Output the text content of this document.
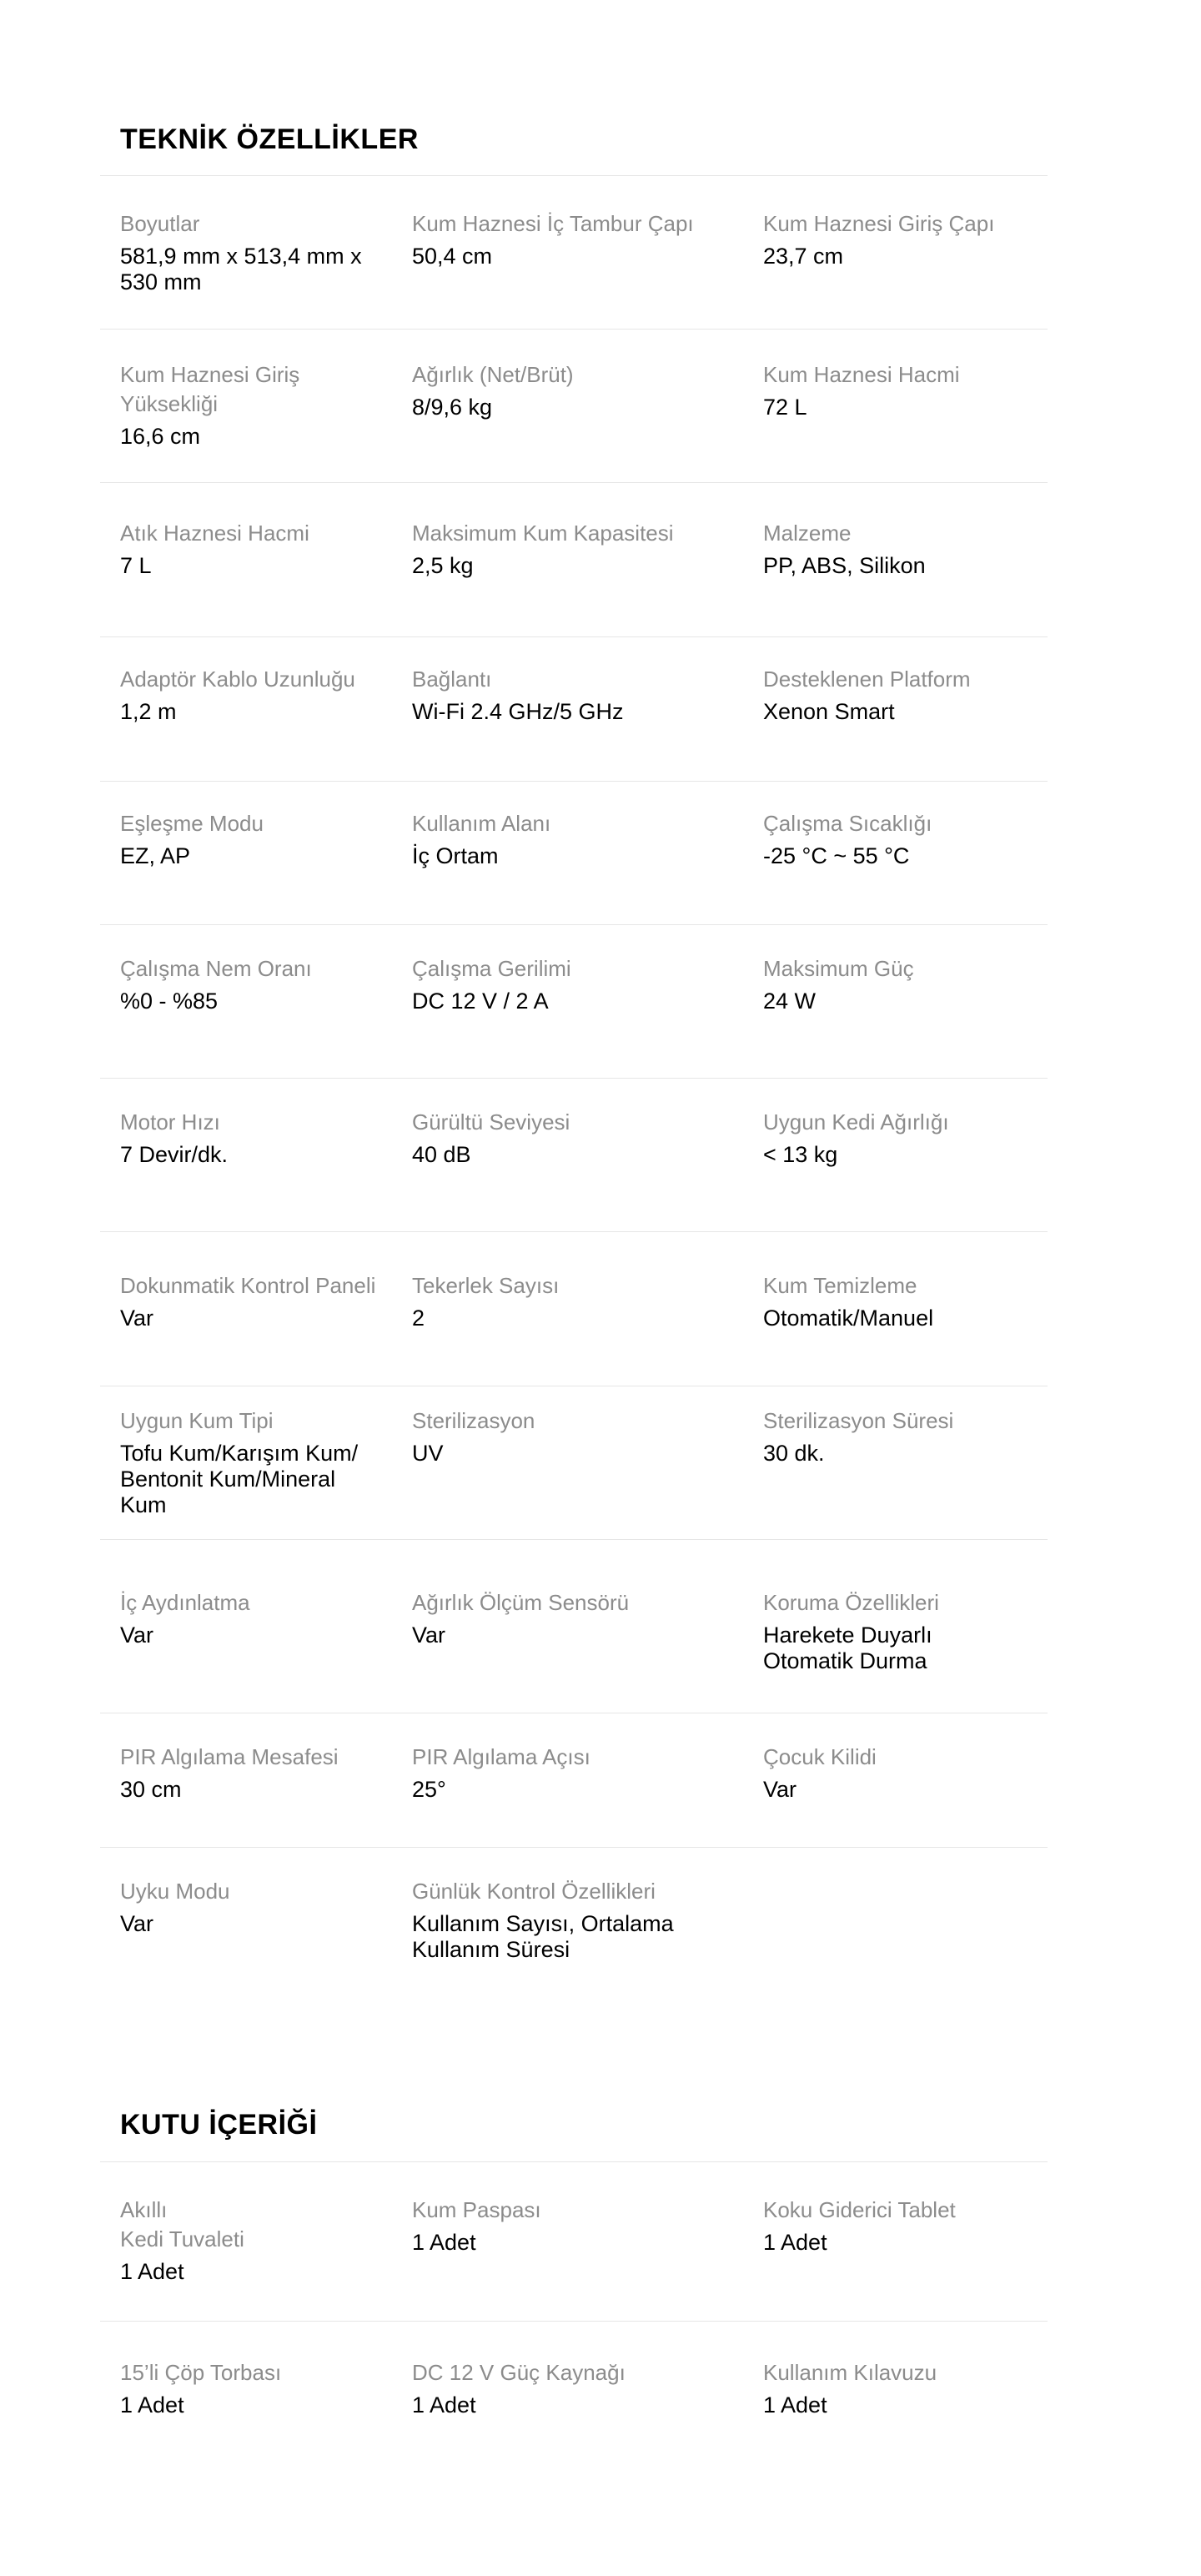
TEKNİK ÖZELLİKLER
Boyutlar
581,9 mm x 513,4 mm x
530 mm
Kum Haznesi İç Tambur Çapı
50,4 cm
Kum Haznesi Giriş Çapı
23,7 cm
Kum Haznesi Giriş
Yüksekliği
16,6 cm
Ağırlık (Net/Brüt)
8/9,6 kg
Kum Haznesi Hacmi
72 L
Atık Haznesi Hacmi
7 L
Maksimum Kum Kapasitesi
2,5 kg
Malzeme
PP, ABS, Silikon
Adaptör Kablo Uzunluğu
1,2 m
Bağlantı
Wi-Fi 2.4 GHz/5 GHz
Desteklenen Platform
Xenon Smart
Eşleşme Modu
EZ, AP
Kullanım Alanı
İç Ortam
Çalışma Sıcaklığı
-25 °C ~ 55 °C
Çalışma Nem Oranı
%0 - %85
Çalışma Gerilimi
DC 12 V / 2 A
Maksimum Güç
24 W
Motor Hızı
7 Devir/dk.
Gürültü Seviyesi
40 dB
Uygun Kedi Ağırlığı
< 13 kg
Dokunmatik Kontrol Paneli
Var
Tekerlek Sayısı
2
Kum Temizleme
Otomatik/Manuel
Uygun Kum Tipi
Tofu Kum/Karışım Kum/
Bentonit Kum/Mineral
Kum
Sterilizasyon
UV
Sterilizasyon Süresi
30 dk.
İç Aydınlatma
Var
Ağırlık Ölçüm Sensörü
Var
Koruma Özellikleri
Harekete Duyarlı
Otomatik Durma
PIR Algılama Mesafesi
30 cm
PIR Algılama Açısı
25°
Çocuk Kilidi
Var
Uyku Modu
Var
Günlük Kontrol Özellikleri
Kullanım Sayısı, Ortalama
Kullanım Süresi
KUTU İÇERİĞİ
Akıllı
Kedi Tuvaleti
1 Adet
Kum Paspası
1 Adet
Koku Giderici Tablet
1 Adet
15’li Çöp Torbası
1 Adet
DC 12 V Güç Kaynağı
1 Adet
Kullanım Kılavuzu
1 Adet
